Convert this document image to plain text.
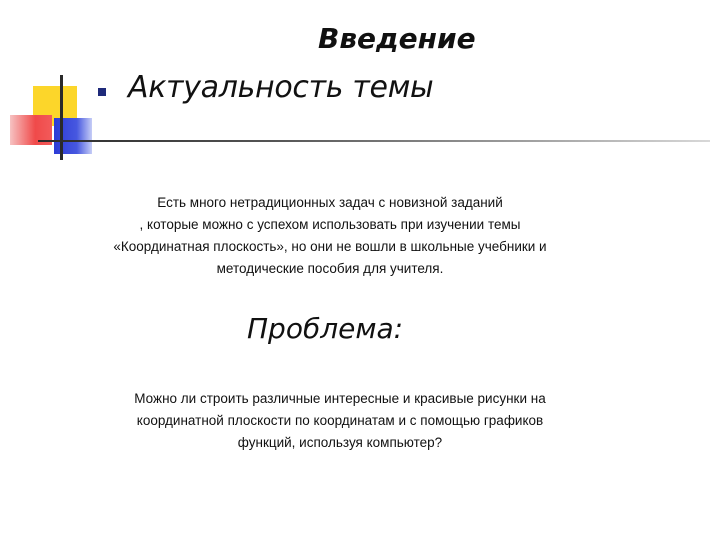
Введение
Актуальность темы
Есть много нетрадиционных задач с новизной заданий
, которые можно с успехом использовать при изучении темы
«Координатная плоскость», но они не вошли в школьные учебники и
методические пособия для учителя.
Проблема:
Можно ли строить различные интересные и красивые рисунки на
координатной плоскости по координатам и с помощью графиков
функций, используя компьютер?
